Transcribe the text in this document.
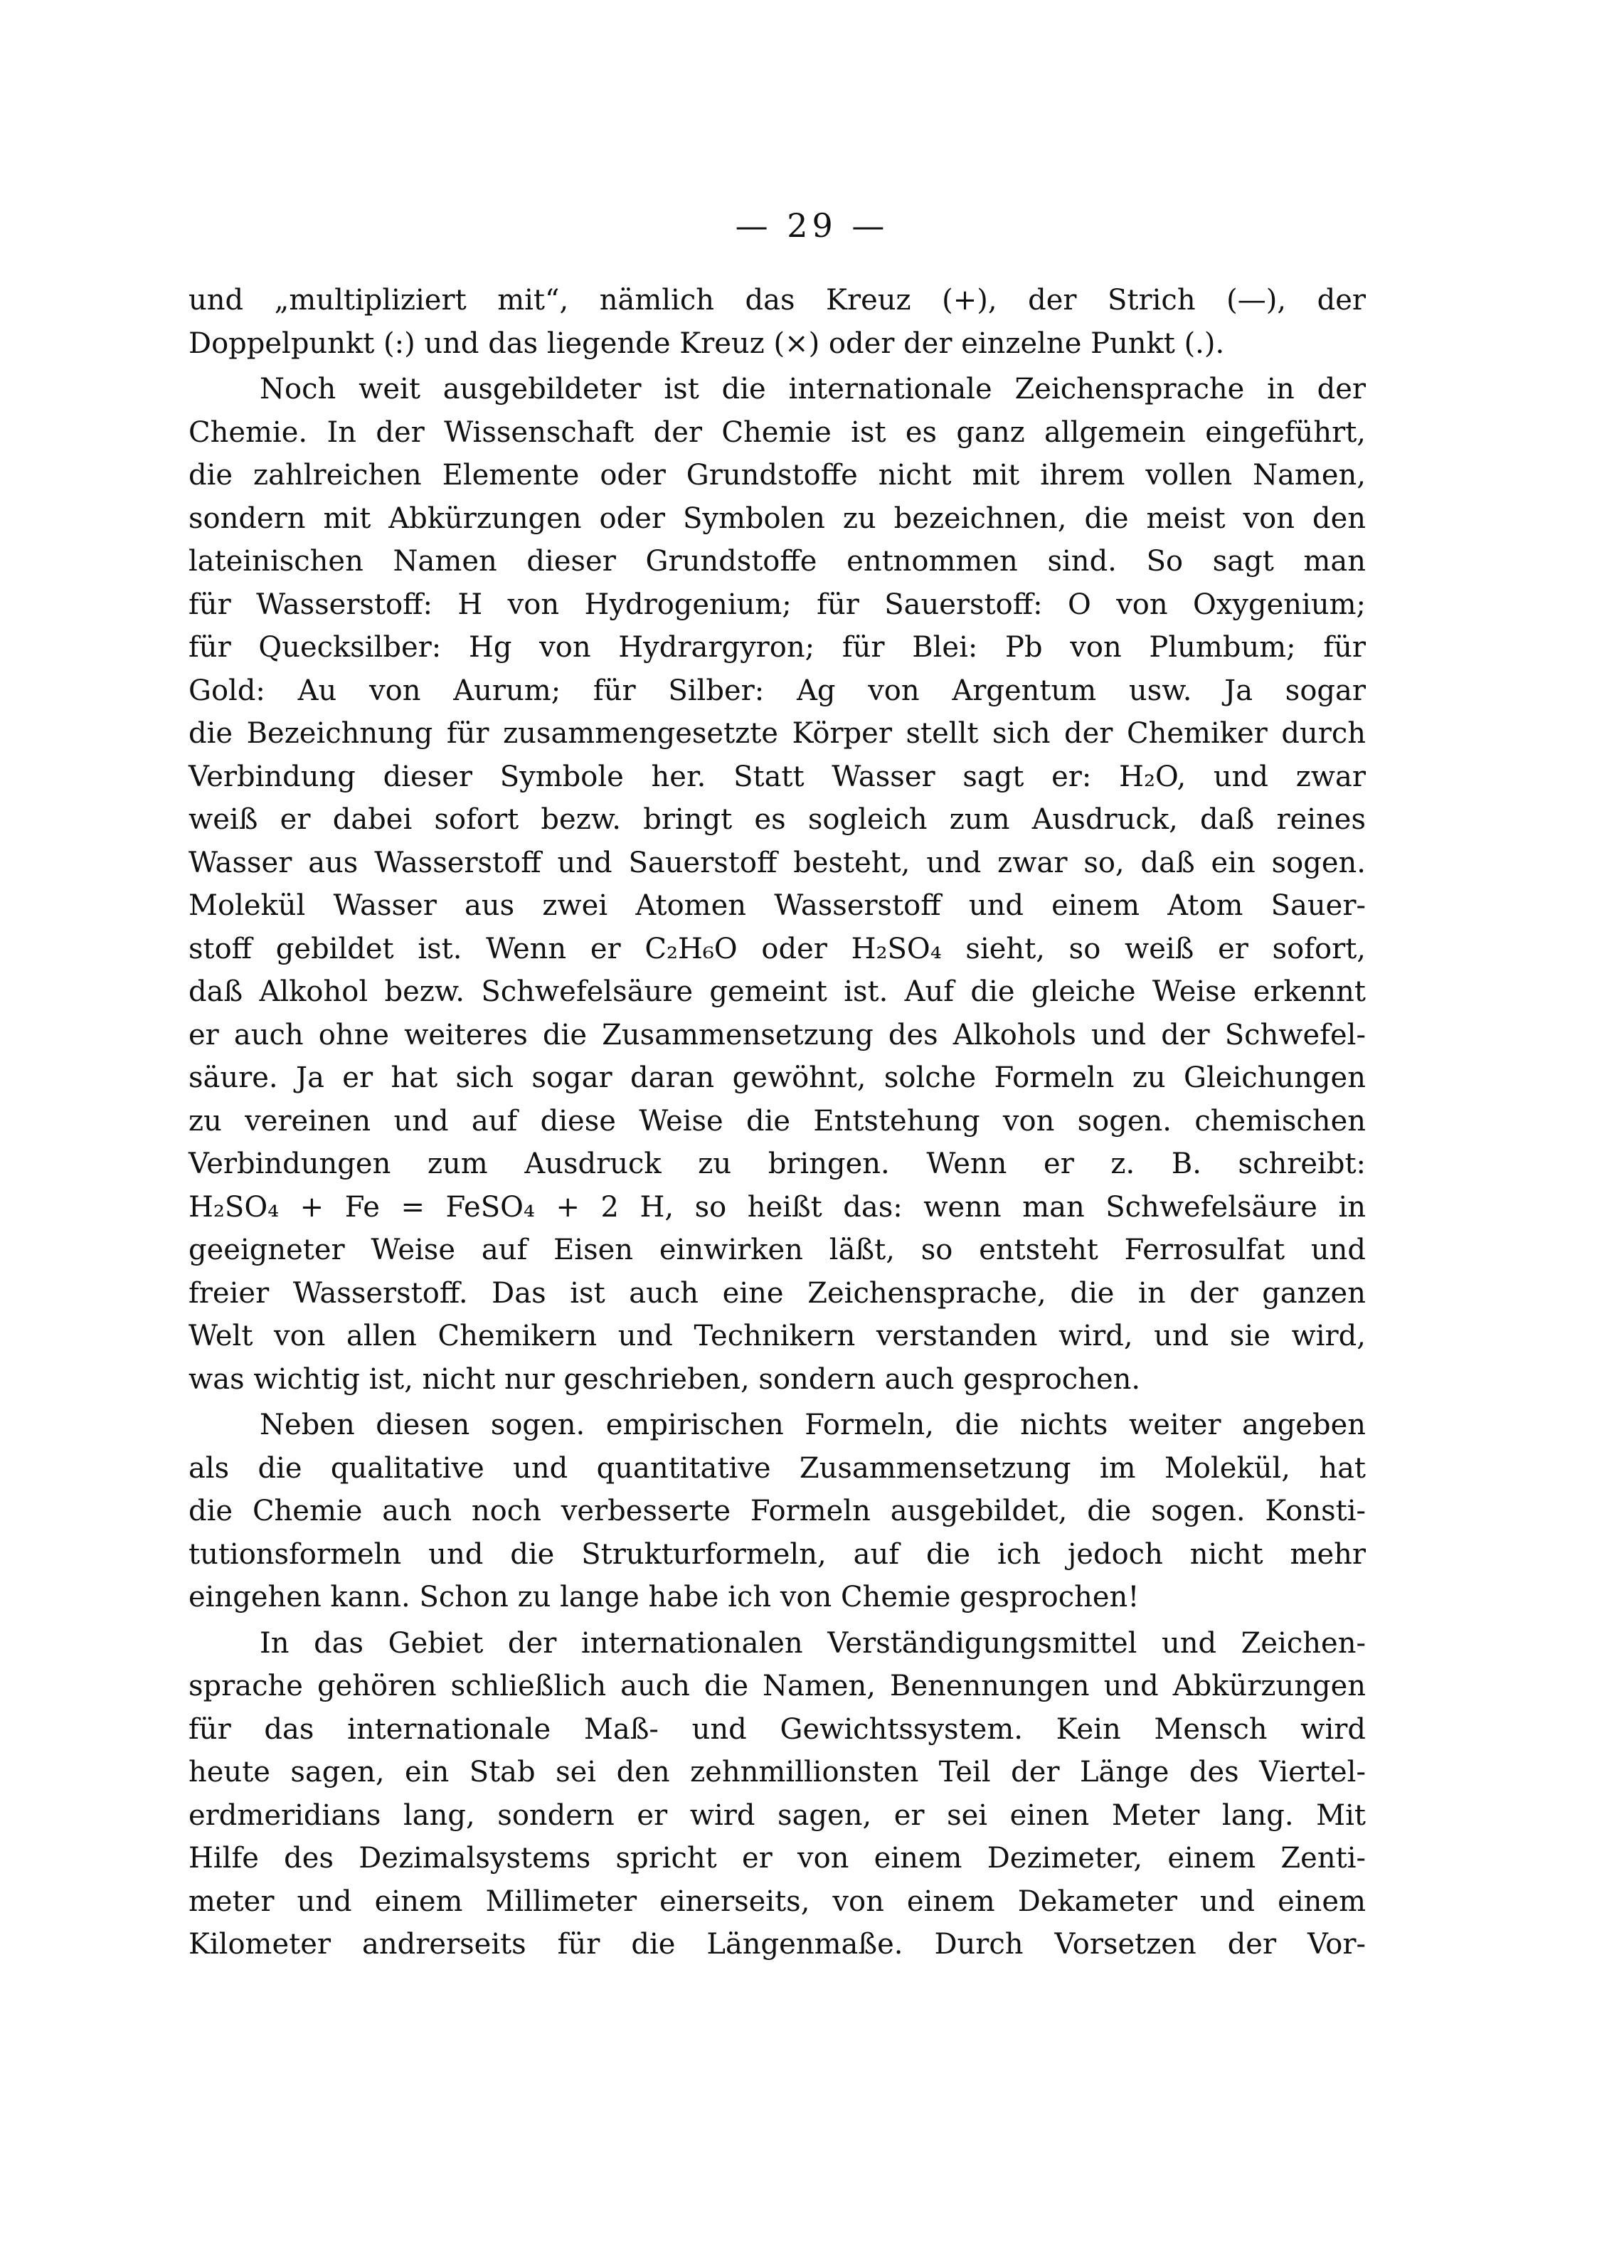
— 29 —
und „multipliziert mit“, nämlich das Kreuz (+), der Strich (—), der
Doppelpunkt (:) und das liegende Kreuz (×) oder der einzelne Punkt (.).
Noch weit ausgebildeter ist die internationale Zeichensprache in der
Chemie. In der Wissenschaft der Chemie ist es ganz allgemein eingeführt,
die zahlreichen Elemente oder Grundstoffe nicht mit ihrem vollen Namen,
sondern mit Abkürzungen oder Symbolen zu bezeichnen, die meist von den
lateinischen Namen dieser Grundstoffe entnommen sind. So sagt man
für Wasserstoff: H von Hydrogenium; für Sauerstoff: O von Oxygenium;
für Quecksilber: Hg von Hydrargyron; für Blei: Pb von Plumbum; für
Gold: Au von Aurum; für Silber: Ag von Argentum usw. Ja sogar
die Bezeichnung für zusammengesetzte Körper stellt sich der Chemiker durch
Verbindung dieser Symbole her. Statt Wasser sagt er: H₂O, und zwar
weiß er dabei sofort bezw. bringt es sogleich zum Ausdruck, daß reines
Wasser aus Wasserstoff und Sauerstoff besteht, und zwar so, daß ein sogen.
Molekül Wasser aus zwei Atomen Wasserstoff und einem Atom Sauer-
stoff gebildet ist. Wenn er C₂H₆O oder H₂SO₄ sieht, so weiß er sofort,
daß Alkohol bezw. Schwefelsäure gemeint ist. Auf die gleiche Weise erkennt
er auch ohne weiteres die Zusammensetzung des Alkohols und der Schwefel-
säure. Ja er hat sich sogar daran gewöhnt, solche Formeln zu Gleichungen
zu vereinen und auf diese Weise die Entstehung von sogen. chemischen
Verbindungen zum Ausdruck zu bringen. Wenn er z. B. schreibt:
H₂SO₄ + Fe = FeSO₄ + 2 H, so heißt das: wenn man Schwefelsäure in
geeigneter Weise auf Eisen einwirken läßt, so entsteht Ferrosulfat und
freier Wasserstoff. Das ist auch eine Zeichensprache, die in der ganzen
Welt von allen Chemikern und Technikern verstanden wird, und sie wird,
was wichtig ist, nicht nur geschrieben, sondern auch gesprochen.
Neben diesen sogen. empirischen Formeln, die nichts weiter angeben
als die qualitative und quantitative Zusammensetzung im Molekül, hat
die Chemie auch noch verbesserte Formeln ausgebildet, die sogen. Konsti-
tutionsformeln und die Strukturformeln, auf die ich jedoch nicht mehr
eingehen kann. Schon zu lange habe ich von Chemie gesprochen!
In das Gebiet der internationalen Verständigungsmittel und Zeichen-
sprache gehören schließlich auch die Namen, Benennungen und Abkürzungen
für das internationale Maß- und Gewichtssystem. Kein Mensch wird
heute sagen, ein Stab sei den zehnmillionsten Teil der Länge des Viertel-
erdmeridians lang, sondern er wird sagen, er sei einen Meter lang. Mit
Hilfe des Dezimalsystems spricht er von einem Dezimeter, einem Zenti-
meter und einem Millimeter einerseits, von einem Dekameter und einem
Kilometer andrerseits für die Längenmaße. Durch Vorsetzen der Vor-
